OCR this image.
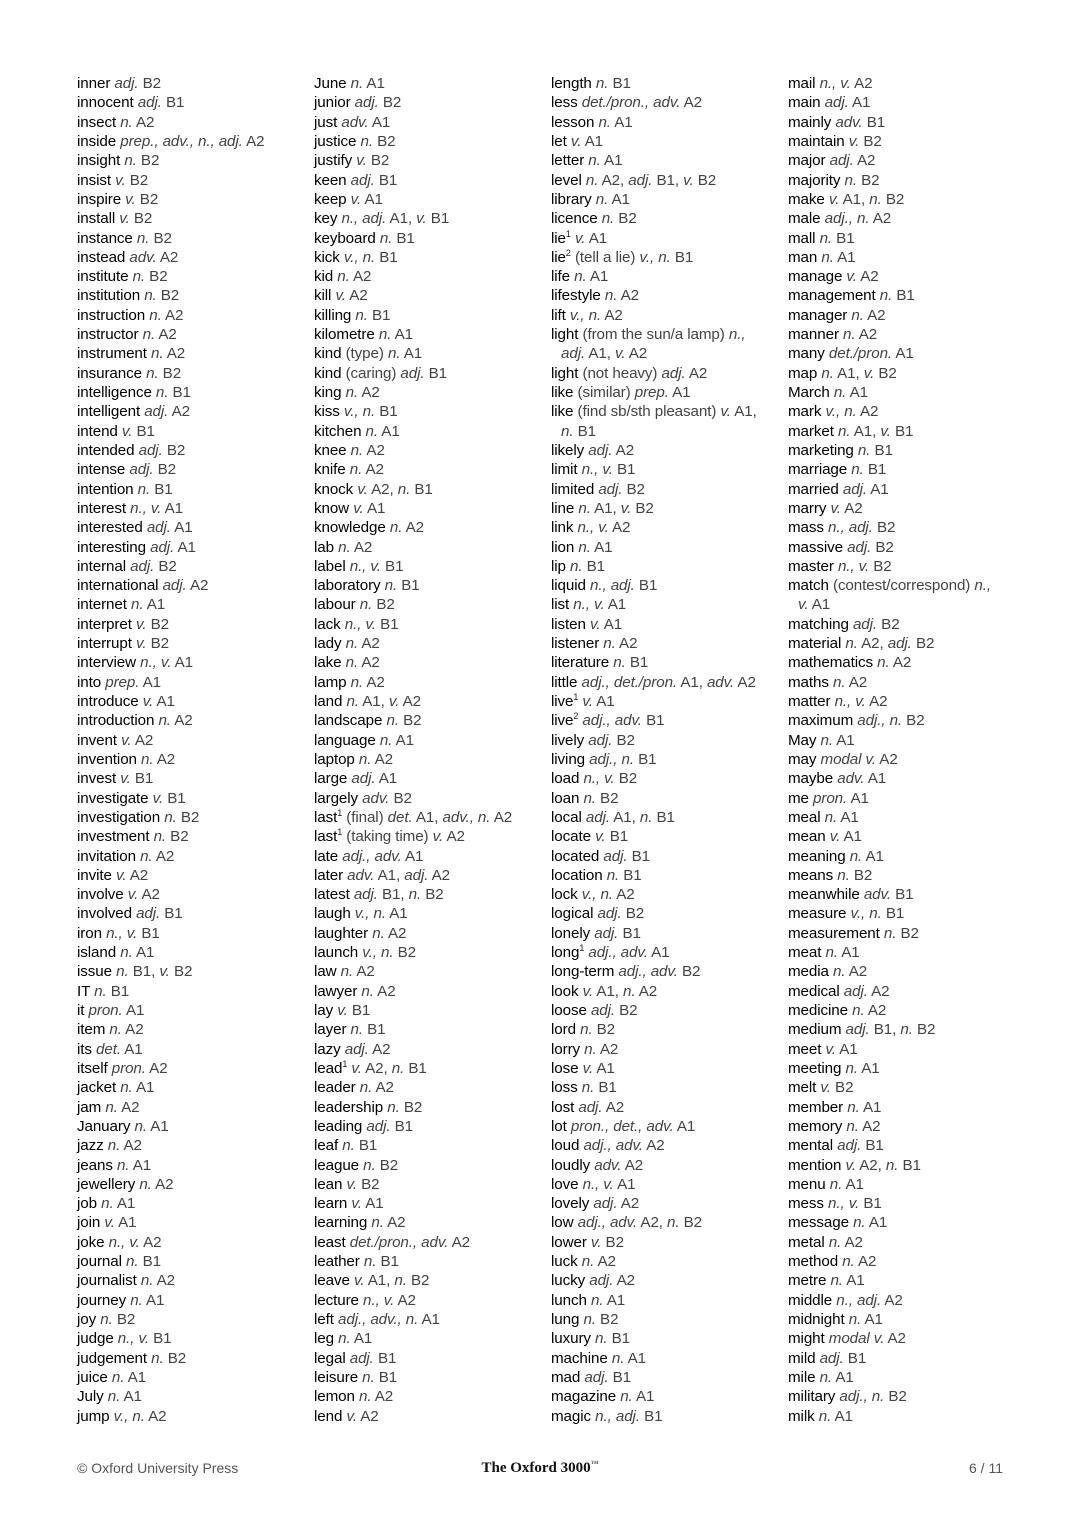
inner adj. B2
innocent adj. B1
insect n. A2
inside prep., adv., n., adj. A2
insight n. B2
insist v. B2
inspire v. B2
install v. B2
instance n. B2
instead adv. A2
institute n. B2
institution n. B2
instruction n. A2
instructor n. A2
instrument n. A2
insurance n. B2
intelligence n. B1
intelligent adj. A2
intend v. B1
intended adj. B2
intense adj. B2
intention n. B1
interest n., v. A1
interested adj. A1
interesting adj. A1
internal adj. B2
international adj. A2
internet n. A1
interpret v. B2
interrupt v. B2
interview n., v. A1
into prep. A1
introduce v. A1
introduction n. A2
invent v. A2
invention n. A2
invest v. B1
investigate v. B1
investigation n. B2
investment n. B2
invitation n. A2
invite v. A2
involve v. A2
involved adj. B1
iron n., v. B1
island n. A1
issue n. B1, v. B2
IT n. B1
it pron. A1
item n. A2
its det. A1
itself pron. A2
jacket n. A1
jam n. A2
January n. A1
jazz n. A2
jeans n. A1
jewellery n. A2
job n. A1
join v. A1
joke n., v. A2
journal n. B1
journalist n. A2
journey n. A1
joy n. B2
judge n., v. B1
judgement n. B2
juice n. A1
July n. A1
jump v., n. A2
June n. A1
junior adj. B2
just adv. A1
justice n. B2
justify v. B2
keen adj. B1
keep v. A1
key n., adj. A1, v. B1
keyboard n. B1
kick v., n. B1
kid n. A2
kill v. A2
killing n. B1
kilometre n. A1
kind (type) n. A1
kind (caring) adj. B1
king n. A2
kiss v., n. B1
kitchen n. A1
knee n. A2
knife n. A2
knock v. A2, n. B1
know v. A1
knowledge n. A2
lab n. A2
label n., v. B1
laboratory n. B1
labour n. B2
lack n., v. B1
lady n. A2
lake n. A2
lamp n. A2
land n. A1, v. A2
landscape n. B2
language n. A1
laptop n. A2
large adj. A1
largely adv. B2
last$^1$ (final) det. A1, adv., n. A2
last$^1$ (taking time) v. A2
late adj., adv. A1
later adv. A1, adj. A2
latest adj. B1, n. B2
laugh v., n. A1
laughter n. A2
launch v., n. B2
law n. A2
lawyer n. A2
lay v. B1
layer n. B1
lazy adj. A2
lead$^1$ v. A2, n. B1
leader n. A2
leadership n. B2
leading adj. B1
leaf n. B1
league n. B2
lean v. B2
learn v. A1
learning n. A2
least det./pron., adv. A2
leather n. B1
leave v. A1, n. B2
lecture n., v. A2
left adj., adv., n. A1
leg n. A1
legal adj. B1
leisure n. B1
lemon n. A2
lend v. A2
length n. B1
less det./pron., adv. A2
lesson n. A1
let v. A1
letter n. A1
level n. A2, adj. B1, v. B2
library n. A1
licence n. B2
lie$^1$ v. A1
lie$^2$ (tell a lie) v., n. B1
life n. A1
lifestyle n. A2
lift v., n. A2
light (from the sun/a lamp) n.,
adj. A1, v. A2
light (not heavy) adj. A2
like (similar) prep. A1
like (find sb/sth pleasant) v. A1,
n. B1
likely adj. A2
limit n., v. B1
limited adj. B2
line n. A1, v. B2
link n., v. A2
lion n. A1
lip n. B1
liquid n., adj. B1
list n., v. A1
listen v. A1
listener n. A2
literature n. B1
little adj., det./pron. A1, adv. A2
live$^1$ v. A1
live$^2$ adj., adv. B1
lively adj. B2
living adj., n. B1
load n., v. B2
loan n. B2
local adj. A1, n. B1
locate v. B1
located adj. B1
location n. B1
lock v., n. A2
logical adj. B2
lonely adj. B1
long$^1$ adj., adv. A1
long-term adj., adv. B2
look v. A1, n. A2
loose adj. B2
lord n. B2
lorry n. A2
lose v. A1
loss n. B1
lost adj. A2
lot pron., det., adv. A1
loud adj., adv. A2
loudly adv. A2
love n., v. A1
lovely adj. A2
low adj., adv. A2, n. B2
lower v. B2
luck n. A2
lucky adj. A2
lunch n. A1
lung n. B2
luxury n. B1
machine n. A1
mad adj. B1
magazine n. A1
magic n., adj. B1
mail n., v. A2
main adj. A1
mainly adv. B1
maintain v. B2
major adj. A2
majority n. B2
make v. A1, n. B2
male adj., n. A2
mall n. B1
man n. A1
manage v. A2
management n. B1
manager n. A2
manner n. A2
many det./pron. A1
map n. A1, v. B2
March n. A1
mark v., n. A2
market n. A1, v. B1
marketing n. B1
marriage n. B1
married adj. A1
marry v. A2
mass n., adj. B2
massive adj. B2
master n., v. B2
match (contest/correspond) n.,
v. A1
matching adj. B2
material n. A2, adj. B2
mathematics n. A2
maths n. A2
matter n., v. A2
maximum adj., n. B2
May n. A1
may modal v. A2
maybe adv. A1
me pron. A1
meal n. A1
mean v. A1
meaning n. A1
means n. B2
meanwhile adv. B1
measure v., n. B1
measurement n. B2
meat n. A1
media n. A2
medical adj. A2
medicine n. A2
medium adj. B1, n. B2
meet v. A1
meeting n. A1
melt v. B2
member n. A1
memory n. A2
mental adj. B1
mention v. A2, n. B1
menu n. A1
mess n., v. B1
message n. A1
metal n. A2
method n. A2
metre n. A1
middle n., adj. A2
midnight n. A1
might modal v. A2
mild adj. B1
mile n. A1
military adj., n. B2
milk n. A1
© Oxford University Press	The Oxford 3000™	6 / 11
